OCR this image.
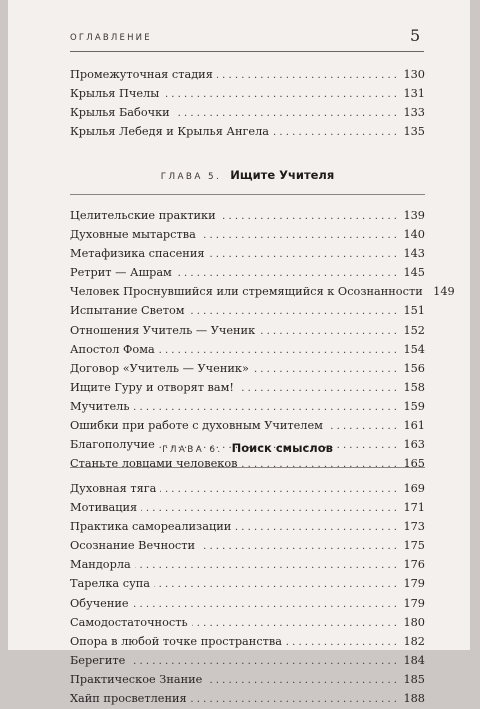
ОГЛАВЛЕНИЕ	5
Промежуточная стадия . . .	130
Крылья Пчелы . . .	131
Крылья Бабочки . . .	133
Крылья Лебедя и Крылья Ангела . . .	135
ГЛАВА 5. Ищите Учителя
Целительские практики . . .	139
Духовные мытарства . . .	140
Метафизика спасения . . .	143
Ретрит — Ашрам . . .	145
Человек Проснувшийся или стремящийся к Осознанности 149
Испытание Светом . . .	151
Отношения Учитель — Ученик . . .	152
Апостол Фома . . .	154
Договор «Учитель — Ученик» . . .	156
Ищите Гуру и отворят вам! . . .	158
Мучитель . . .	159
Ошибки при работе с духовным Учителем . . .	161
Благополучие . . .	163
Станьте ловцами человеков . . .	165
ГЛАВА 6. Поиск смыслов
Духовная тяга . . .	169
Мотивация . . .	171
Практика самореализации . . .	173
Осознание Вечности . . .	175
Мандорла . . .	176
Тарелка супа . . .	179
Обучение . . .	179
Самодостаточность . . .	180
Опора в любой точке пространства . . .	182
Берегите . . .	184
Практическое Знание . . .	185
Хайп просветления . . .	188
